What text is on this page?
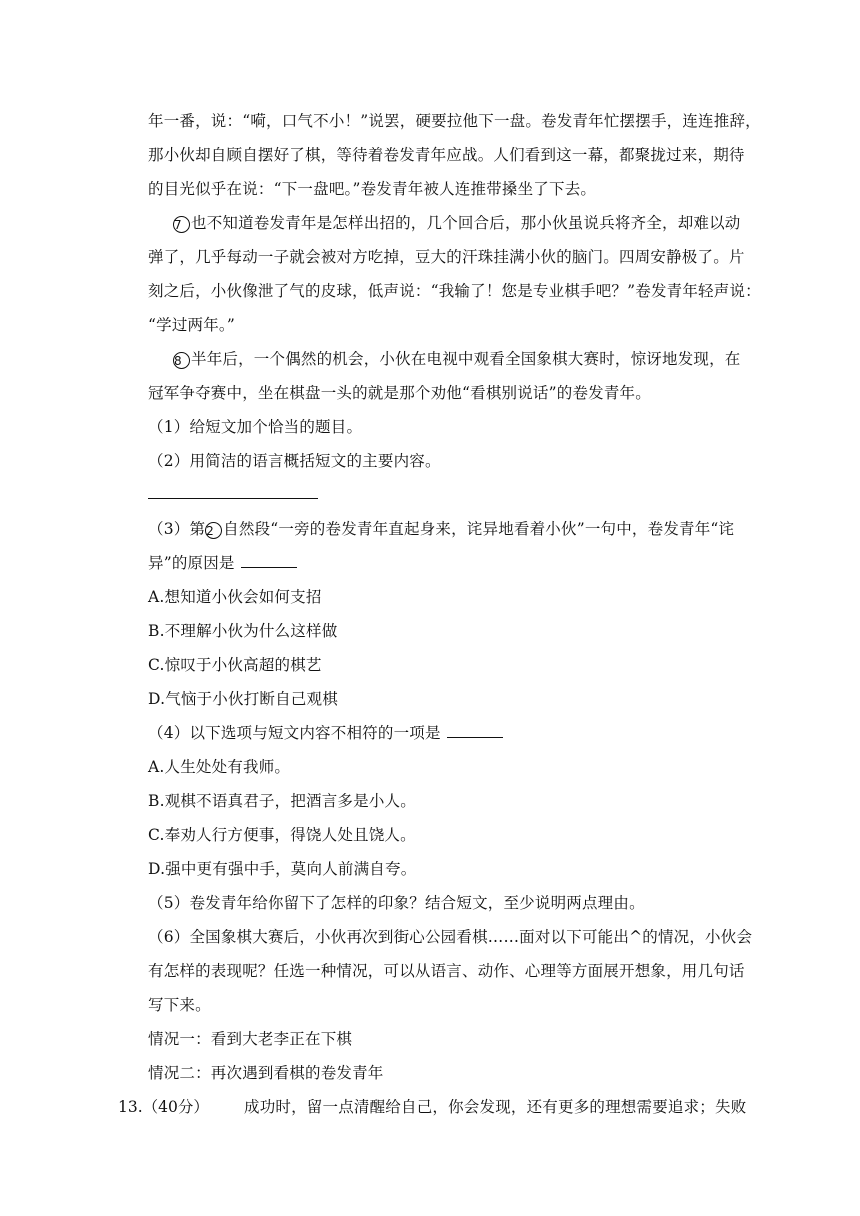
年一番，说：“嗬，口气不小！”说罢，硬要拉他下一盘。卷发青年忙摆摆手，连连推辞，
那小伙却自顾自摆好了棋，等待着卷发青年应战。人们看到这一幕，都聚拢过来，期待
的目光似乎在说：“下一盘吧。”卷发青年被人连推带搡坐了下去。
7 也不知道卷发青年是怎样出招的，几个回合后，那小伙虽说兵将齐全，却难以动
弹了，几乎每动一子就会被对方吃掉，豆大的汗珠挂满小伙的脑门。四周安静极了。片
刻之后，小伙像泄了气的皮球，低声说：“我输了！您是专业棋手吧？”卷发青年轻声说：
“学过两年。”
8 半年后，一个偶然的机会，小伙在电视中观看全国象棋大赛时，惊讶地发现，在
冠军争夺赛中，坐在棋盘一头的就是那个劝他“看棋别说话”的卷发青年。
（1）给短文加个恰当的题目。
（2）用简洁的语言概括短文的主要内容。
（3）第2 自然段“一旁的卷发青年直起身来，诧异地看着小伙”一句中，卷发青年“诧
异”的原因是
A.想知道小伙会如何支招
B.不理解小伙为什么这样做
C.惊叹于小伙高超的棋艺
D.气恼于小伙打断自己观棋
（4）以下选项与短文内容不相符的一项是
A.人生处处有我师。
B.观棋不语真君子，把酒言多是小人。
C.奉劝人行方便事，得饶人处且饶人。
D.强中更有强中手，莫向人前满自夸。
（5）卷发青年给你留下了怎样的印象？结合短文，至少说明两点理由。
（6）全国象棋大赛后，小伙再次到街心公园看棋……面对以下可能出^的情况，小伙会
有怎样的表现呢？任选一种情况，可以从语言、动作、心理等方面展开想象，用几句话
写下来。
情况一：看到大老李正在下棋
情况二：再次遇到看棋的卷发青年
13.（40分） 成功时，留一点清醒给自己，你会发现，还有更多的理想需要追求；失败
